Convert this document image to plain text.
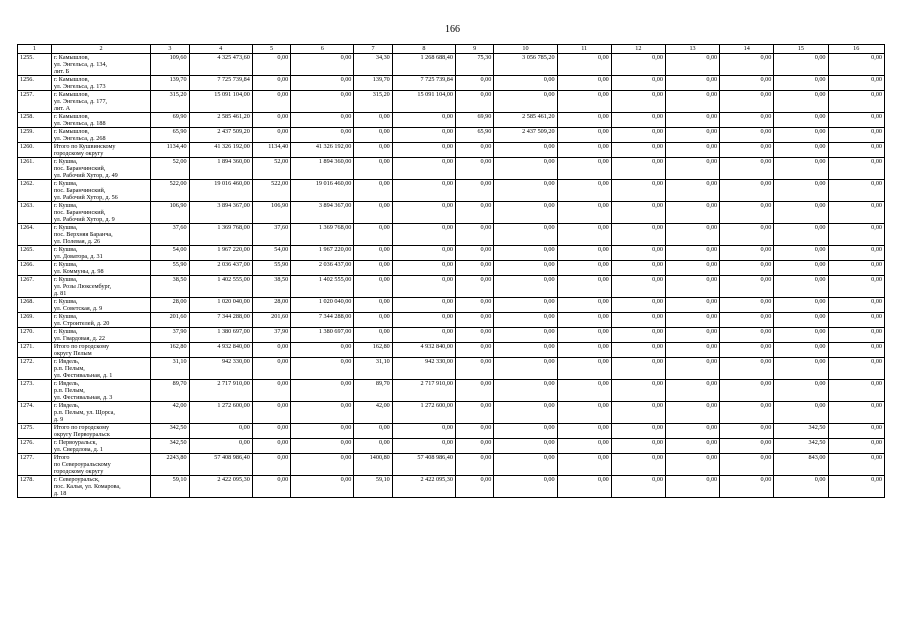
166
1	2	3	4	5	6	7	8	9	10	11	12	13	14	15	16
1255.	г. Камышлов,
ул. Энгельса, д. 134,
лит. Б	109,60	4 325 473,60	0,00	0,00	34,30	1 268 688,40	75,30	3 056 785,20	0,00	0,00	0,00	0,00	0,00	0,00
1256.	г. Камышлов,
ул. Энгельса, д. 173	139,70	7 725 739,84	0,00	0,00	139,70	7 725 739,84	0,00	0,00	0,00	0,00	0,00	0,00	0,00	0,00
1257.	г. Камышлов,
ул. Энгельса, д. 177,
лит. А	315,20	15 091 104,00	0,00	0,00	315,20	15 091 104,00	0,00	0,00	0,00	0,00	0,00	0,00	0,00	0,00
1258.	г. Камышлов,
ул. Энгельса, д. 188	69,90	2 585 461,20	0,00	0,00	0,00	0,00	69,90	2 585 461,20	0,00	0,00	0,00	0,00	0,00	0,00
1259.	г. Камышлов,
ул. Энгельса, д. 268	65,90	2 437 509,20	0,00	0,00	0,00	0,00	65,90	2 437 509,20	0,00	0,00	0,00	0,00	0,00	0,00
1260.	Итого по Кушвинскому
городскому округу	1134,40	41 326 192,00	1134,40	41 326 192,00	0,00	0,00	0,00	0,00	0,00	0,00	0,00	0,00	0,00	0,00
1261.	г. Кушва,
пос. Баранчинский,
ул. Рабочий Хутор, д. 49	52,00	1 894 360,00	52,00	1 894 360,00	0,00	0,00	0,00	0,00	0,00	0,00	0,00	0,00	0,00	0,00
1262.	г. Кушва,
пос. Баранчинский,
ул. Рабочий Хутор, д. 56	522,00	19 016 460,00	522,00	19 016 460,00	0,00	0,00	0,00	0,00	0,00	0,00	0,00	0,00	0,00	0,00
1263.	г. Кушва,
пос. Баранчинский,
ул. Рабочий Хутор, д. 9	106,90	3 894 367,00	106,90	3 894 367,00	0,00	0,00	0,00	0,00	0,00	0,00	0,00	0,00	0,00	0,00
1264.	г. Кушва,
пос. Верхняя Баранча,
ул. Полевая, д. 26	37,60	1 369 768,00	37,60	1 369 768,00	0,00	0,00	0,00	0,00	0,00	0,00	0,00	0,00	0,00	0,00
1265.	г. Кушва,
ул. Доватора, д. 31	54,00	1 967 220,00	54,00	1 967 220,00	0,00	0,00	0,00	0,00	0,00	0,00	0,00	0,00	0,00	0,00
1266.	г. Кушва,
ул. Коммуны, д. 98	55,90	2 036 437,00	55,90	2 036 437,00	0,00	0,00	0,00	0,00	0,00	0,00	0,00	0,00	0,00	0,00
1267.	г. Кушва,
ул. Розы Люксембург,
д. 81	38,50	1 402 555,00	38,50	1 402 555,00	0,00	0,00	0,00	0,00	0,00	0,00	0,00	0,00	0,00	0,00
1268.	г. Кушва,
ул. Советская, д. 9	28,00	1 020 040,00	28,00	1 020 040,00	0,00	0,00	0,00	0,00	0,00	0,00	0,00	0,00	0,00	0,00
1269.	г. Кушва,
ул. Строителей, д. 20	201,60	7 344 288,00	201,60	7 344 288,00	0,00	0,00	0,00	0,00	0,00	0,00	0,00	0,00	0,00	0,00
1270.	г. Кушва,
ул. Гвардовая, д. 22	37,90	1 380 697,00	37,90	1 380 697,00	0,00	0,00	0,00	0,00	0,00	0,00	0,00	0,00	0,00	0,00
1271.	Итого по городскому
округу Пелым	162,80	4 932 840,00	0,00	0,00	162,80	4 932 840,00	0,00	0,00	0,00	0,00	0,00	0,00	0,00	0,00
1272.	г. Ивдель,
р.п. Пелым,
ул. Фестивальная, д. 1	31,10	942 330,00	0,00	0,00	31,10	942 330,00	0,00	0,00	0,00	0,00	0,00	0,00	0,00	0,00
1273.	г. Ивдель,
р.п. Пелым,
ул. Фестивальная, д. 3	89,70	2 717 910,00	0,00	0,00	89,70	2 717 910,00	0,00	0,00	0,00	0,00	0,00	0,00	0,00	0,00
1274.	г. Ивдель,
р.п. Пелым, ул. Щорса,
д. 9	42,00	1 272 600,00	0,00	0,00	42,00	1 272 600,00	0,00	0,00	0,00	0,00	0,00	0,00	0,00	0,00
1275.	Итого по городскому
округу Первоуральск	342,50	0,00	0,00	0,00	0,00	0,00	0,00	0,00	0,00	0,00	0,00	0,00	342,50	0,00
1276.	г. Первоуральск,
ул. Свердлова, д. 1	342,50	0,00	0,00	0,00	0,00	0,00	0,00	0,00	0,00	0,00	0,00	0,00	342,50	0,00
1277.	Итого
по Североуральскому
городскому округу	2243,80	57 408 986,40	0,00	0,00	1400,80	57 408 986,40	0,00	0,00	0,00	0,00	0,00	0,00	843,00	0,00
1278.	г. Североуральск,
пос. Калья, ул. Комарова,
д. 18	59,10	2 422 095,30	0,00	0,00	59,10	2 422 095,30	0,00	0,00	0,00	0,00	0,00	0,00	0,00	0,00
